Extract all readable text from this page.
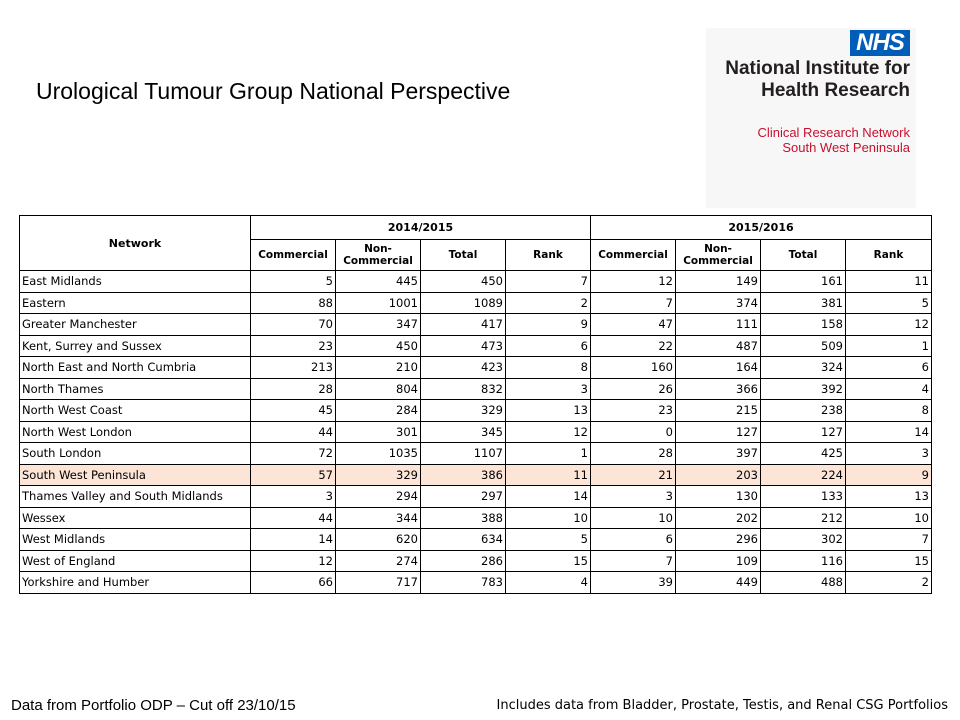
Urological Tumour Group National Perspective
NHS
National Institute for
Health Research
Clinical Research Network
South West Peninsula
Network	2014/2015				2015/2016			
	Commercial	Non-Commercial	Total	Rank	Commercial	Non-Commercial	Total	Rank
East Midlands	5	445	450	7	12	149	161	11
Eastern	88	1001	1089	2	7	374	381	5
Greater Manchester	70	347	417	9	47	111	158	12
Kent, Surrey and Sussex	23	450	473	6	22	487	509	1
North East and North Cumbria	213	210	423	8	160	164	324	6
North Thames	28	804	832	3	26	366	392	4
North West Coast	45	284	329	13	23	215	238	8
North West London	44	301	345	12	0	127	127	14
South London	72	1035	1107	1	28	397	425	3
South West Peninsula	57	329	386	11	21	203	224	9
Thames Valley and South Midlands	3	294	297	14	3	130	133	13
Wessex	44	344	388	10	10	202	212	10
West Midlands	14	620	634	5	6	296	302	7
West of England	12	274	286	15	7	109	116	15
Yorkshire and Humber	66	717	783	4	39	449	488	2
Data from Portfolio ODP – Cut off 23/10/15	Includes data from Bladder, Prostate, Testis, and Renal CSG Portfolios
